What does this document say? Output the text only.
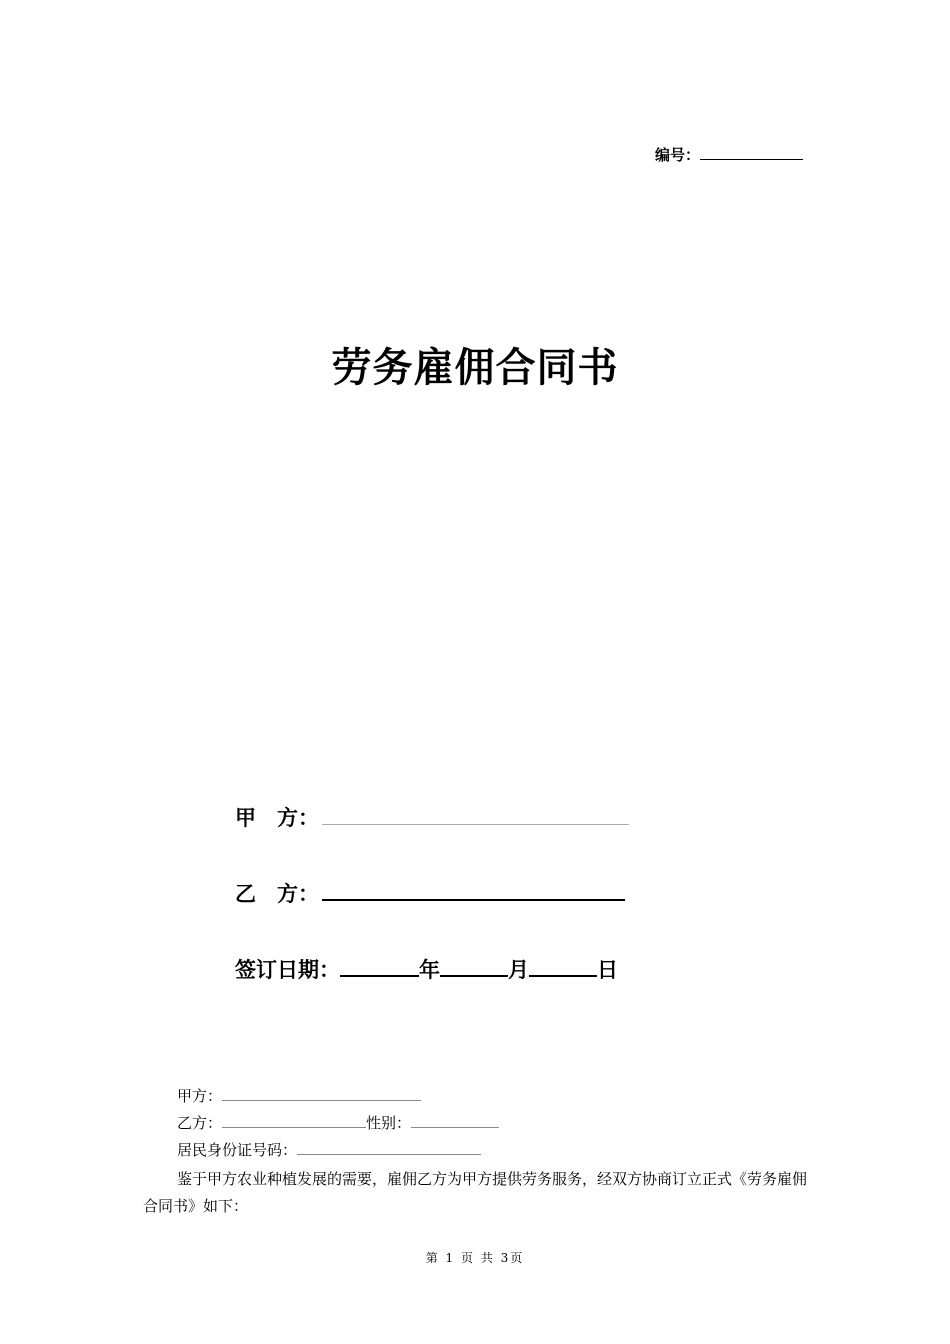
编号：
劳务雇佣合同书
甲　方：
乙　方：
签订日期：	年	月	日
甲方：
乙方：	性别：
居民身份证号码：
鉴于甲方农业种植发展的需要，雇佣乙方为甲方提供劳务服务，经双方协商订立正式《劳务雇佣合同书》如下：
第 1 页 共 3页
